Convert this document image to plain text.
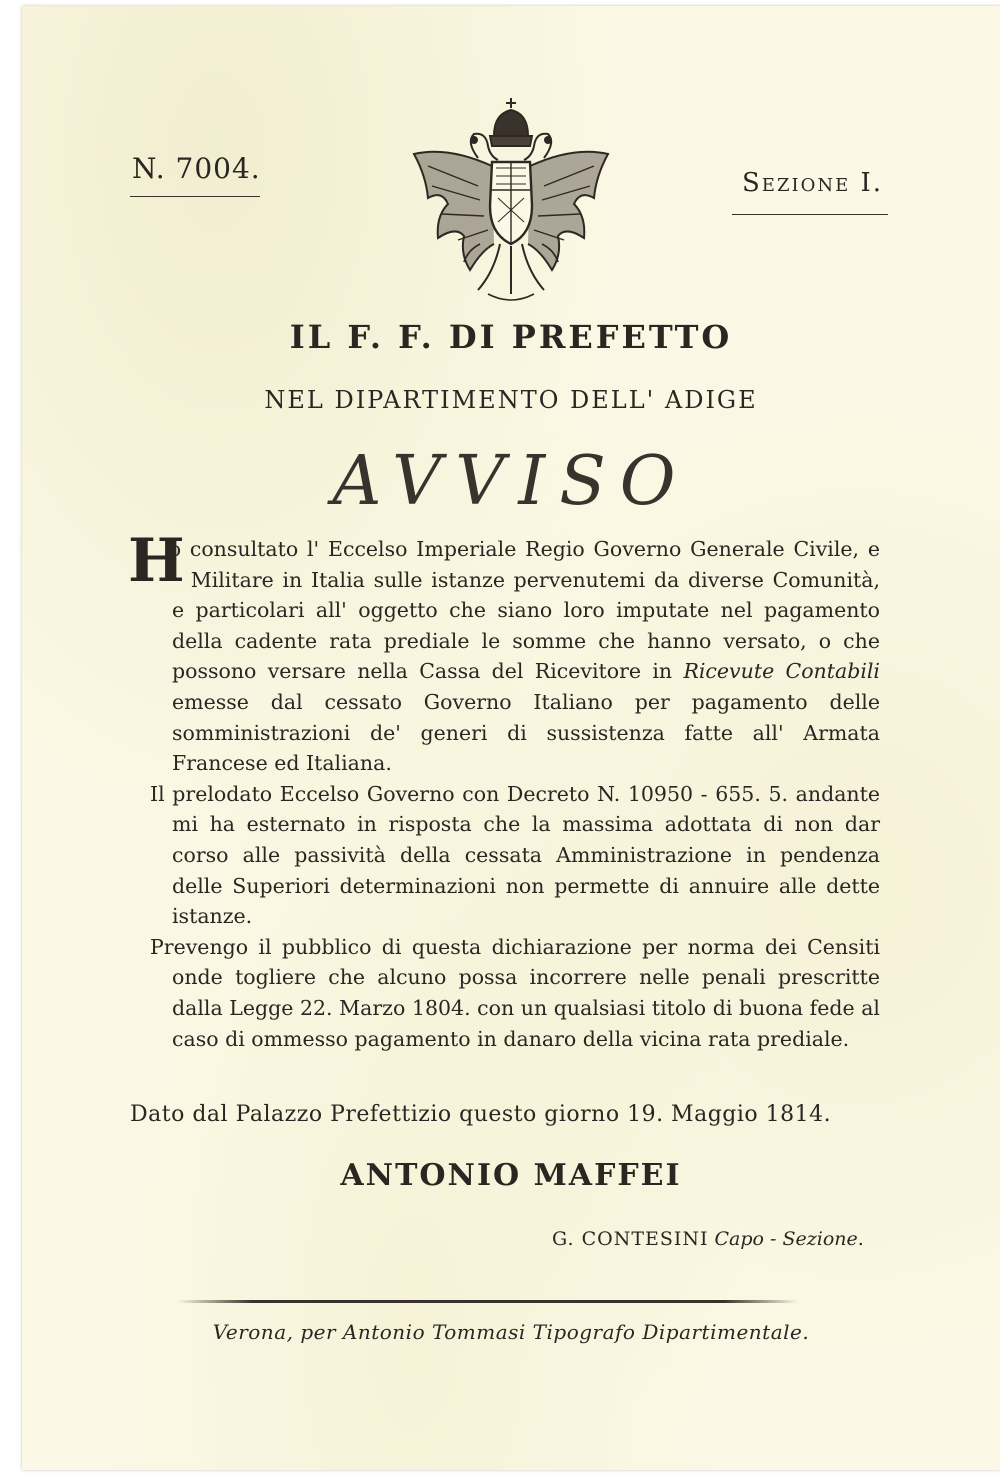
N. 7004.	Sezione I.
IL F. F. DI PREFETTO
NEL DIPARTIMENTO DELL' ADIGE
AVVISO

H
ò consultato l' Eccelso Imperiale Regio Governo Generale Civile, e Militare in Italia sulle istanze pervenutemi da diverse Comunità, e particolari all' oggetto che siano loro imputate nel pagamento della cadente rata prediale le somme che hanno versato, o che possono versare nella Cassa del Ricevitore in Ricevute Contabili emesse dal cessato Governo Italiano per pagamento delle somministrazioni de' generi di sussistenza fatte all' Armata Francese ed Italiana.

Il prelodato Eccelso Governo con Decreto N. 10950 - 655. 5. andante mi ha esternato in risposta che la massima adottata di non dar corso alle passività della cessata Amministrazione in pendenza delle Superiori determinazioni non permette di annuire alle dette istanze.

Prevengo il pubblico di questa dichiarazione per norma dei Censiti onde togliere che alcuno possa incorrere nelle penali prescritte dalla Legge 22. Marzo 1804. con un qualsiasi titolo di buona fede al caso di ommesso pagamento in danaro della vicina rata prediale.

Dato dal Palazzo Prefettizio questo giorno 19. Maggio 1814.
ANTONIO MAFFEI
G. CONTESINI Capo - Sezione.
Verona, per Antonio Tommasi Tipografo Dipartimentale.
